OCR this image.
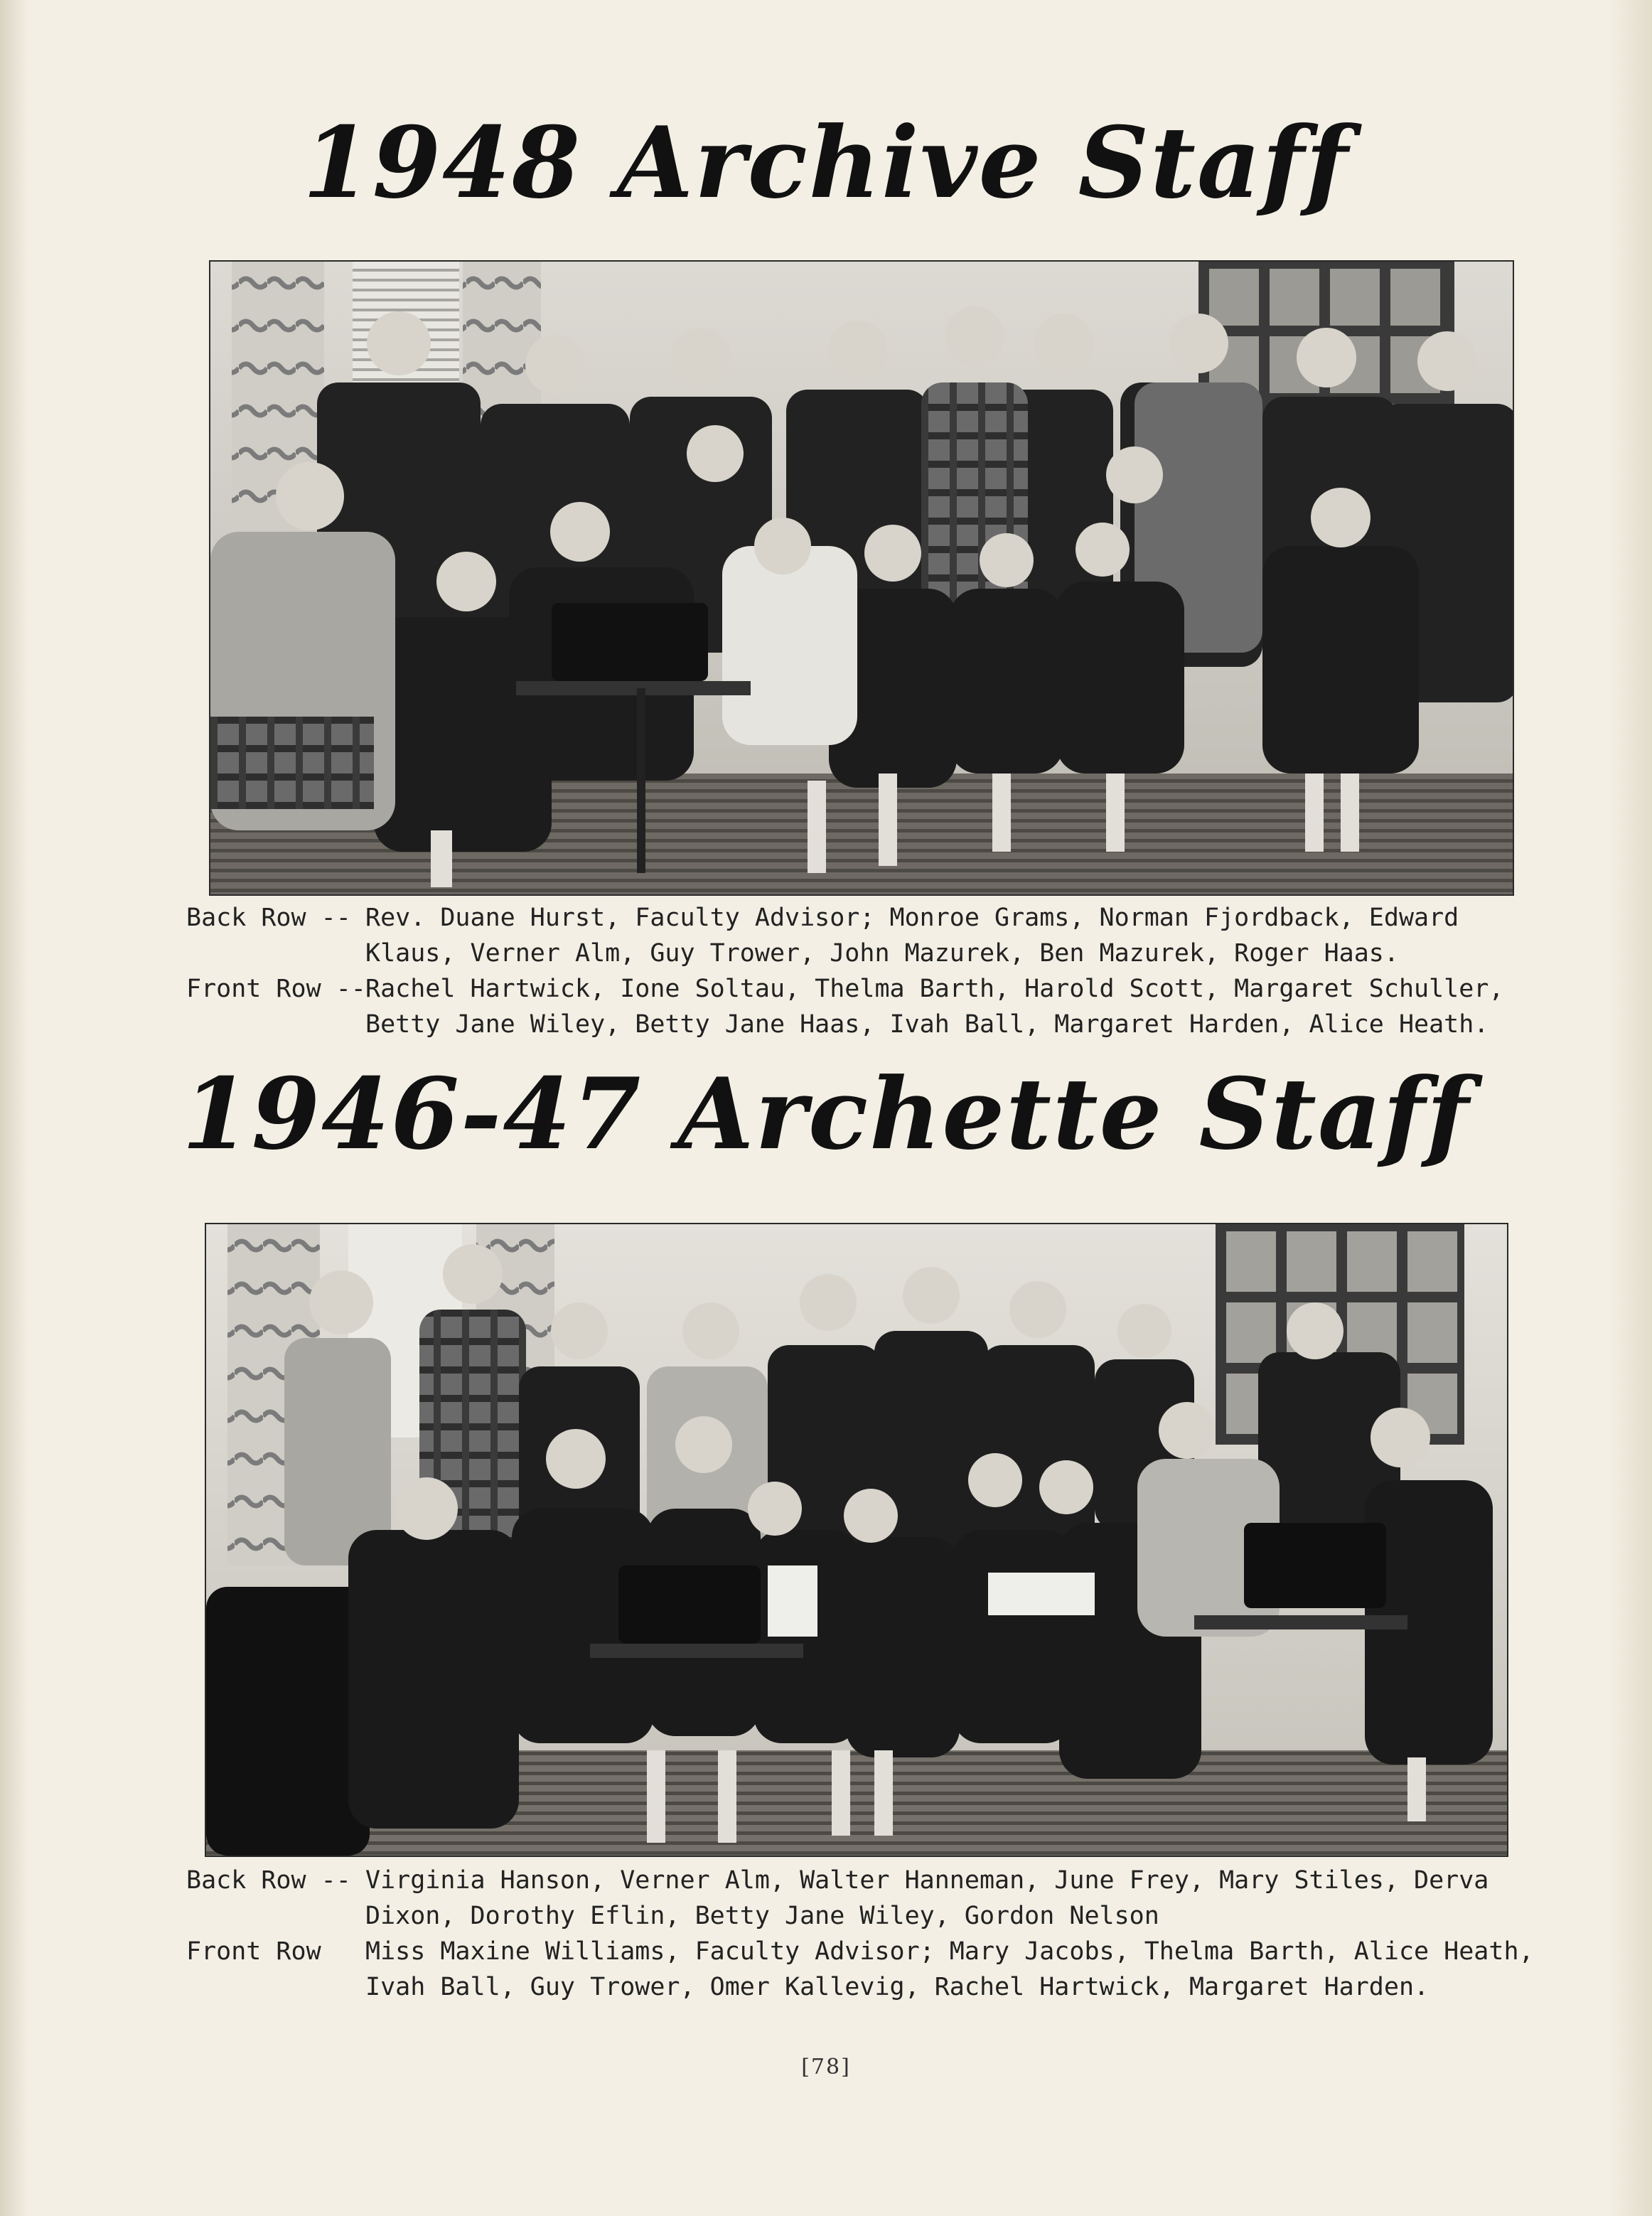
1948 Archive Staff
Back Row -- Rev. Duane Hurst, Faculty Advisor; Monroe Grams, Norman Fjordback, Edward Klaus, Verner Alm, Guy Trower, John Mazurek, Ben Mazurek, Roger Haas.
Front Row -- Rachel Hartwick, Ione Soltau, Thelma Barth, Harold Scott, Margaret Schuller, Betty Jane Wiley, Betty Jane Haas, Ivah Ball, Margaret Harden, Alice Heath.
1946-47 Archette Staff
Back Row -- Virginia Hanson, Verner Alm, Walter Hanneman, June Frey, Mary Stiles, Derva Dixon, Dorothy Eflin, Betty Jane Wiley, Gordon Nelson
Front Row	Miss Maxine Williams, Faculty Advisor; Mary Jacobs, Thelma Barth, Alice Heath, Ivah Ball, Guy Trower, Omer Kallevig, Rachel Hartwick, Margaret Harden.
[78]
